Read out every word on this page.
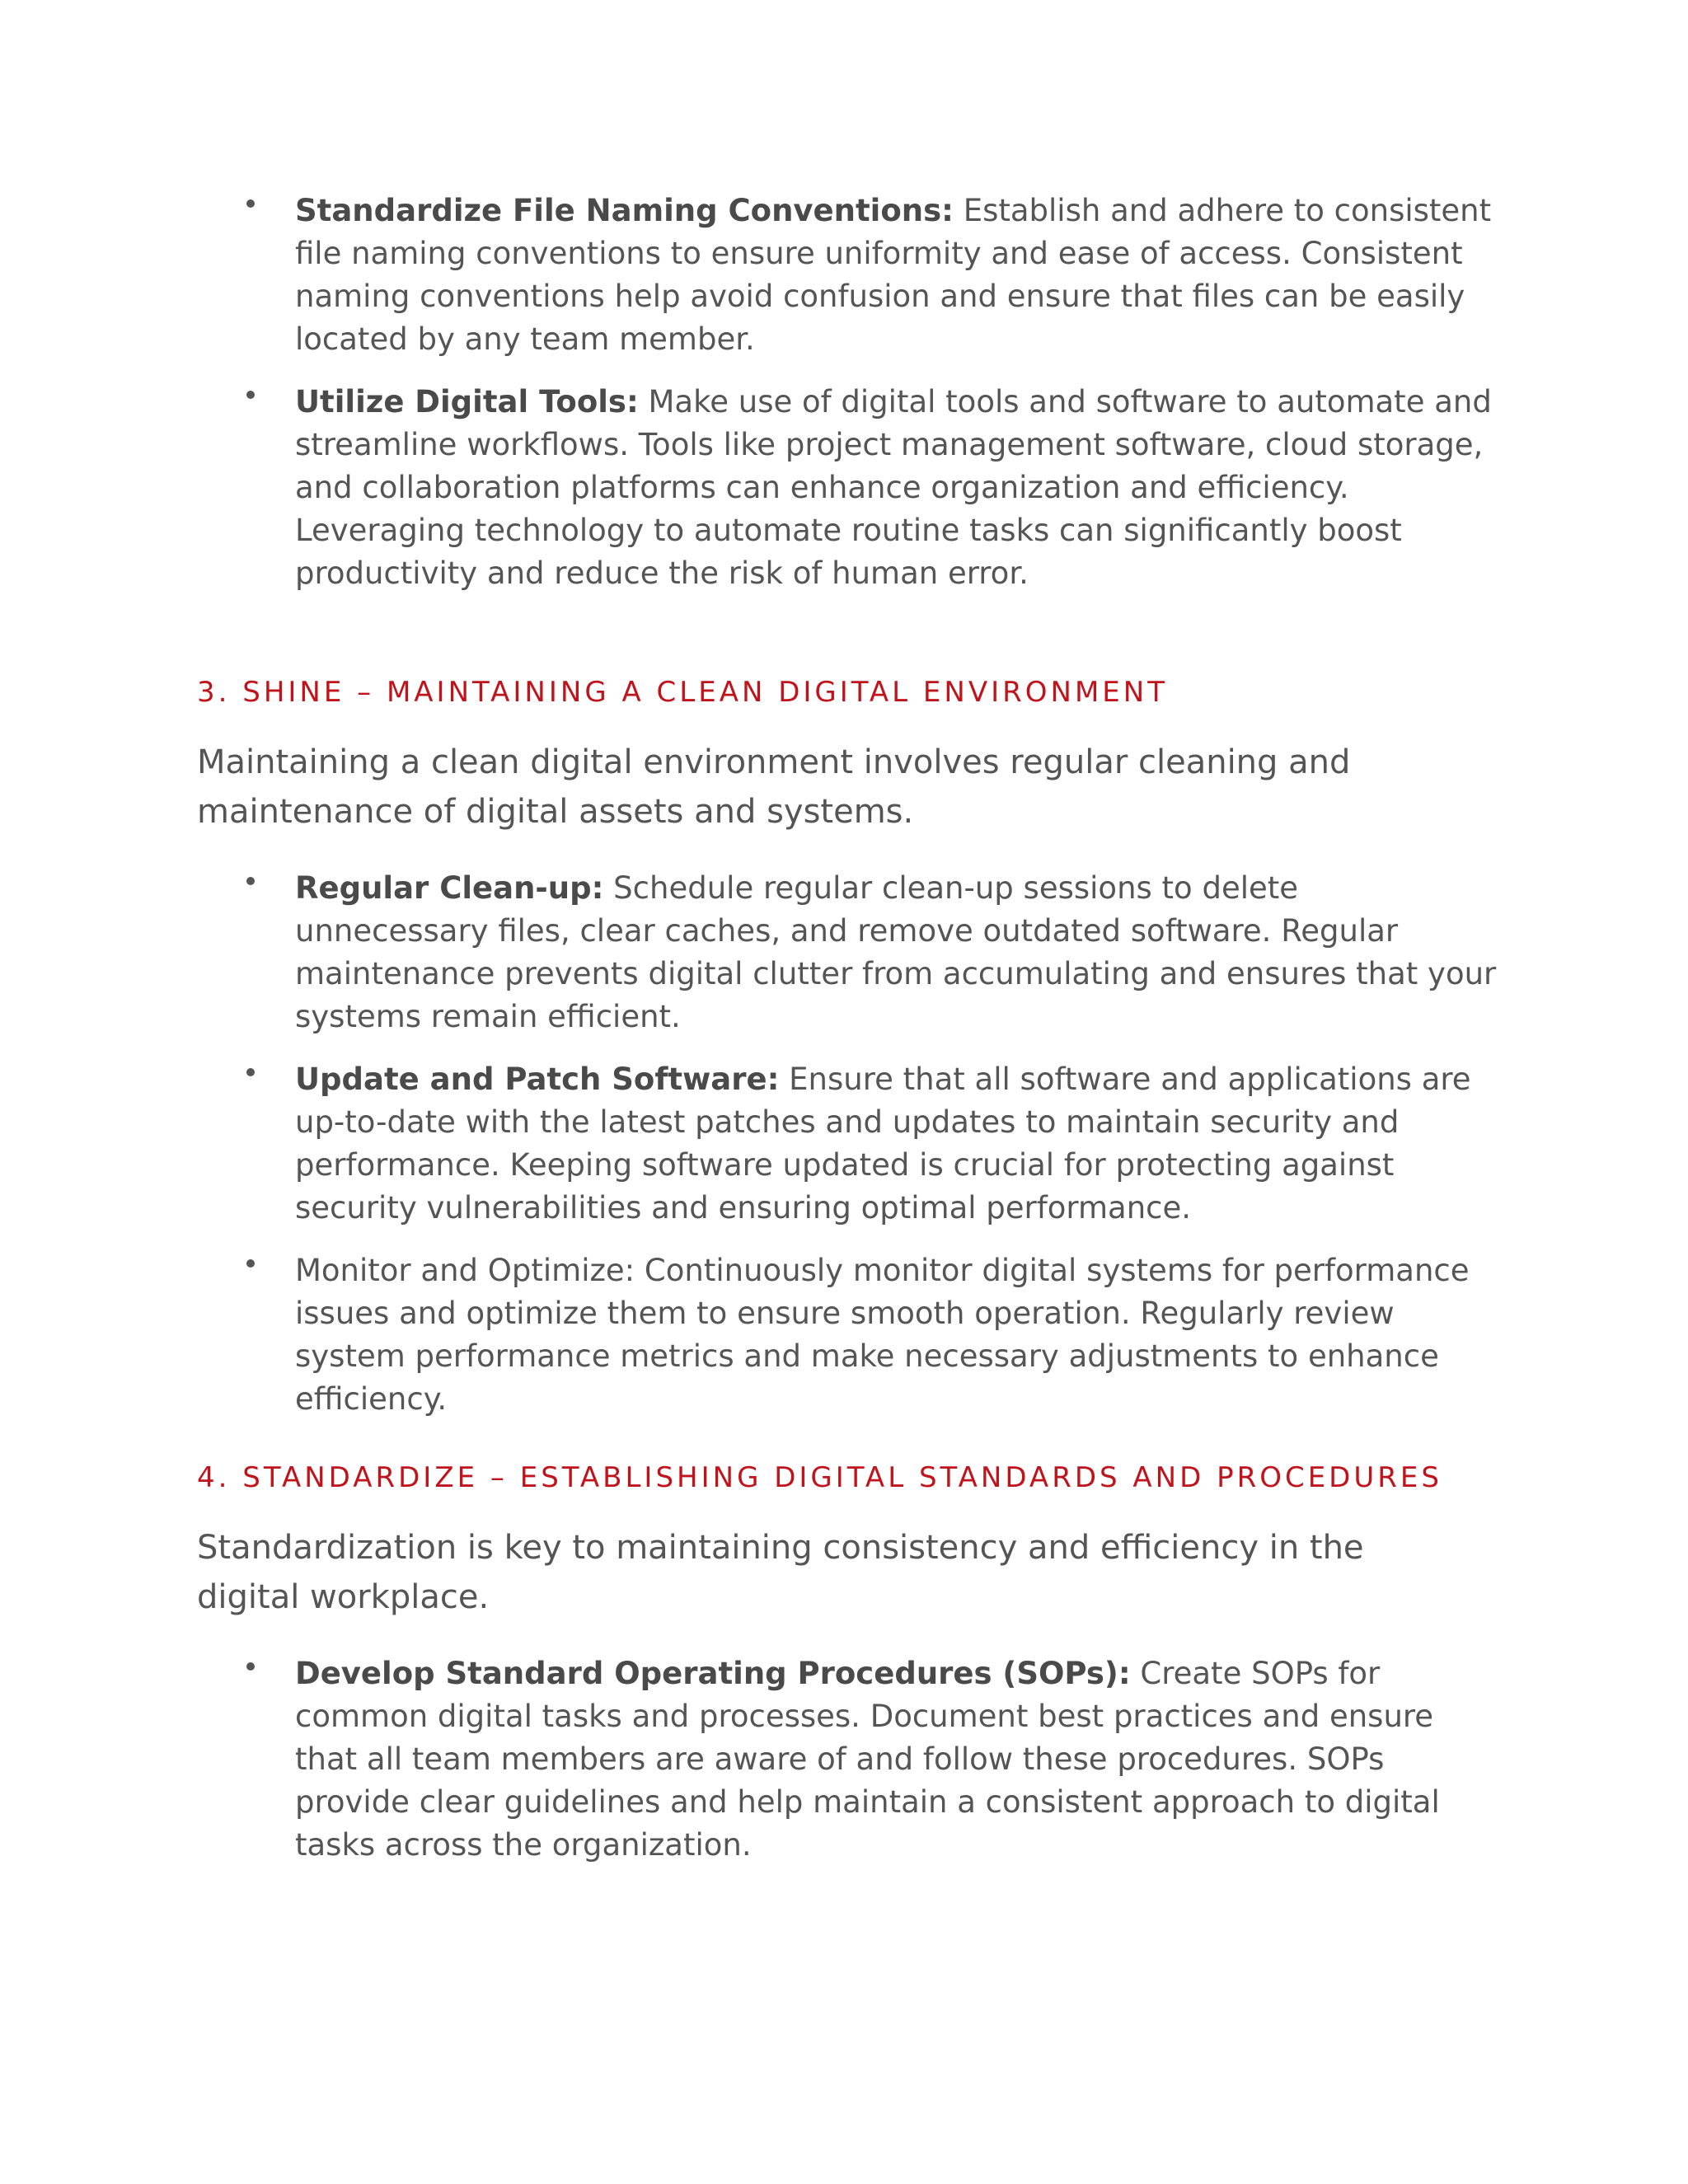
Standardize File Naming Conventions: Establish and adhere to consistent file naming conventions to ensure uniformity and ease of access. Consistent naming conventions help avoid confusion and ensure that files can be easily located by any team member.
Utilize Digital Tools: Make use of digital tools and software to automate and streamline workflows. Tools like project management software, cloud storage, and collaboration platforms can enhance organization and efficiency. Leveraging technology to automate routine tasks can significantly boost productivity and reduce the risk of human error.
3. SHINE – MAINTAINING A CLEAN DIGITAL ENVIRONMENT

Maintaining a clean digital environment involves regular cleaning and maintenance of digital assets and systems.

Regular Clean-up: Schedule regular clean-up sessions to delete unnecessary files, clear caches, and remove outdated software. Regular maintenance prevents digital clutter from accumulating and ensures that your systems remain efficient.
Update and Patch Software: Ensure that all software and applications are up-to-date with the latest patches and updates to maintain security and performance. Keeping software updated is crucial for protecting against security vulnerabilities and ensuring optimal performance.
Monitor and Optimize: Continuously monitor digital systems for performance issues and optimize them to ensure smooth operation. Regularly review system performance metrics and make necessary adjustments to enhance efficiency.
4. STANDARDIZE – ESTABLISHING DIGITAL STANDARDS AND PROCEDURES

Standardization is key to maintaining consistency and efficiency in the digital workplace.

Develop Standard Operating Procedures (SOPs): Create SOPs for common digital tasks and processes. Document best practices and ensure that all team members are aware of and follow these procedures. SOPs provide clear guidelines and help maintain a consistent approach to digital tasks across the organization.
